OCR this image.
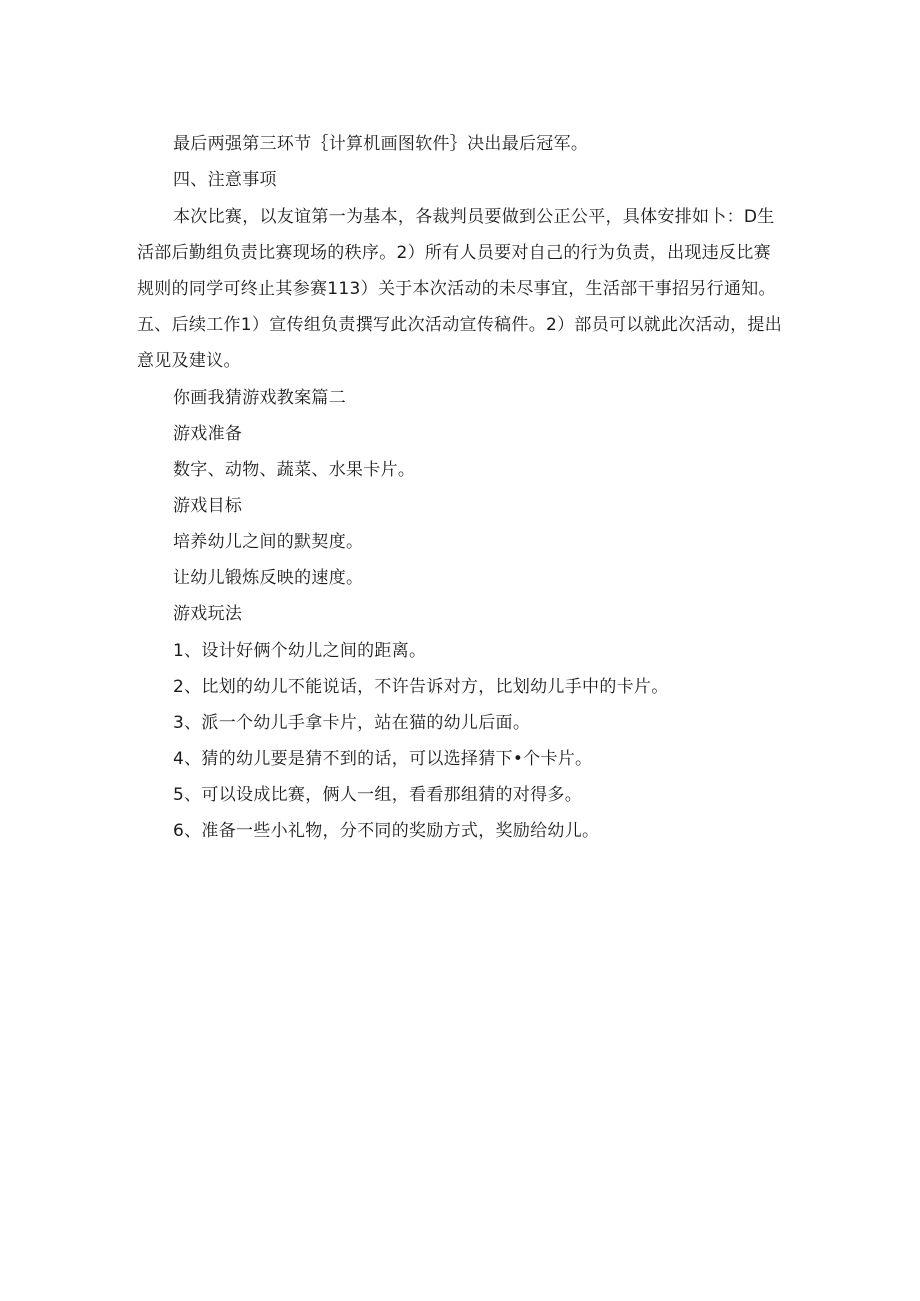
最后两强第三环节｛计算机画图软件｝决出最后冠军。
四、注意事项
本次比赛，以友谊第一为基本，各裁判员要做到公正公平，具体安排如卜：D生
活部后勤组负责比赛现场的秩序。2）所有人员要对自己的行为负责，出现违反比赛
规则的同学可终止其参赛113）关于本次活动的未尽事宜，生活部干事招另行通知。
五、后续工作1）宣传组负责撰写此次活动宣传稿件。2）部员可以就此次活动，提出
意见及建议。
你画我猜游戏教案篇二
游戏准备
数字、动物、蔬菜、水果卡片。
游戏目标
培养幼儿之间的默契度。
让幼儿锻炼反映的速度。
游戏玩法
1、设计好俩个幼儿之间的距离。
2、比划的幼儿不能说话，不许告诉对方，比划幼儿手中的卡片。
3、派一个幼儿手拿卡片，站在猫的幼儿后面。
4、猜的幼儿要是猜不到的话，可以选择猜下•个卡片。
5、可以设成比赛，俩人一组，看看那组猜的对得多。
6、准备一些小礼物，分不同的奖励方式，奖励给幼儿。
